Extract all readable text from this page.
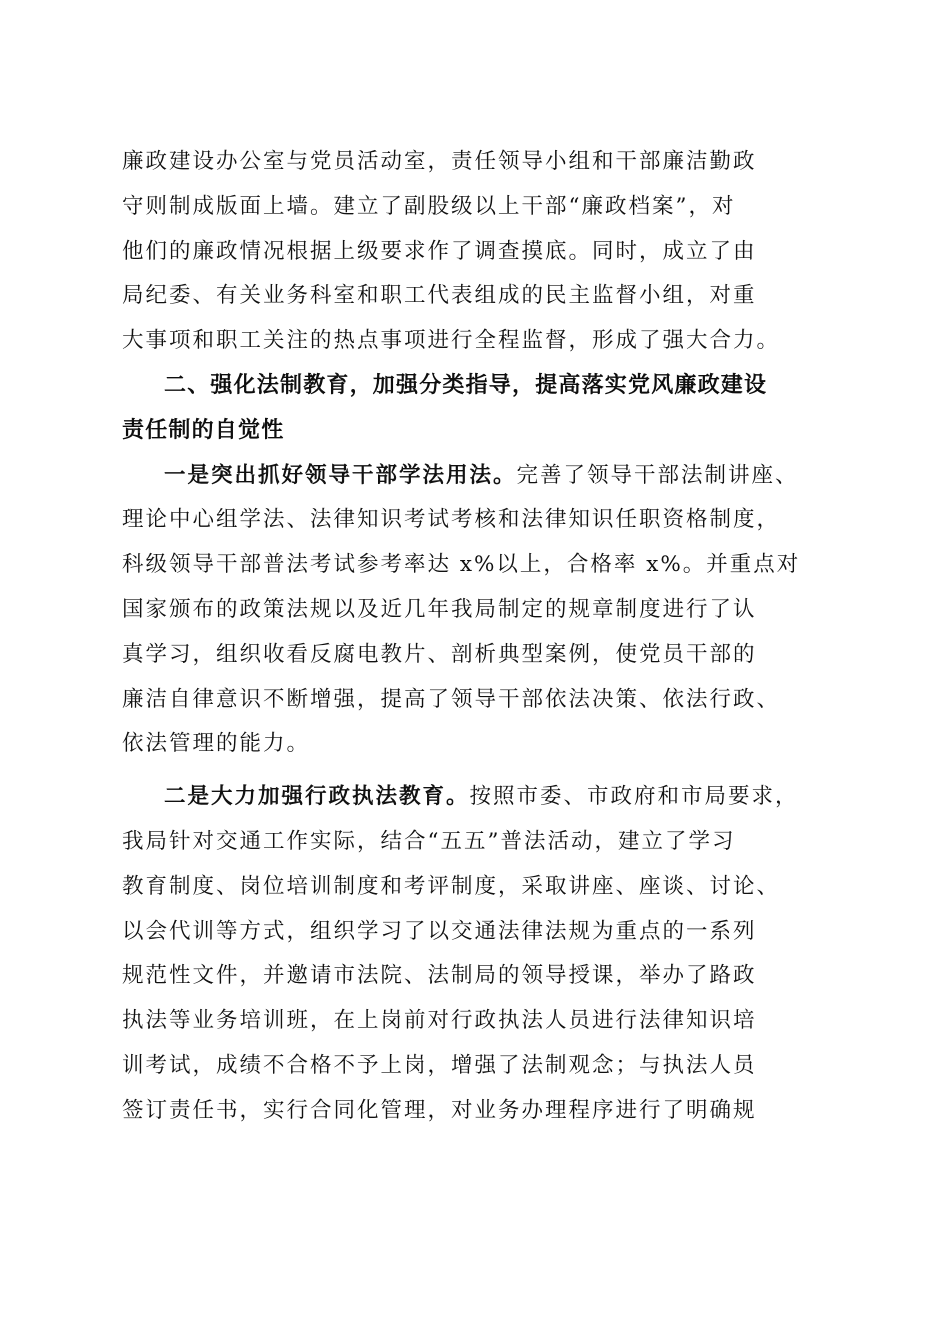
廉政建设办公室与党员活动室，责任领导小组和干部廉洁勤政
守则制成版面上墙。建立了副股级以上干部“廉政档案”，对
他们的廉政情况根据上级要求作了调查摸底。同时，成立了由
局纪委、有关业务科室和职工代表组成的民主监督小组，对重
大事项和职工关注的热点事项进行全程监督，形成了强大合力。
二、强化法制教育，加强分类指导，提高落实党风廉政建设
责任制的自觉性
一是突出抓好领导干部学法用法。完善了领导干部法制讲座、
理论中心组学法、法律知识考试考核和法律知识任职资格制度，
科级领导干部普法考试参考率达 x%以上，合格率 x%。并重点对
国家颁布的政策法规以及近几年我局制定的规章制度进行了认
真学习，组织收看反腐电教片、剖析典型案例，使党员干部的
廉洁自律意识不断增强，提高了领导干部依法决策、依法行政、
依法管理的能力。
二是大力加强行政执法教育。按照市委、市政府和市局要求，
我局针对交通工作实际，结合“五五”普法活动，建立了学习
教育制度、岗位培训制度和考评制度，采取讲座、座谈、讨论、
以会代训等方式，组织学习了以交通法律法规为重点的一系列
规范性文件，并邀请市法院、法制局的领导授课，举办了路政
执法等业务培训班，在上岗前对行政执法人员进行法律知识培
训考试，成绩不合格不予上岗，增强了法制观念；与执法人员
签订责任书，实行合同化管理，对业务办理程序进行了明确规
